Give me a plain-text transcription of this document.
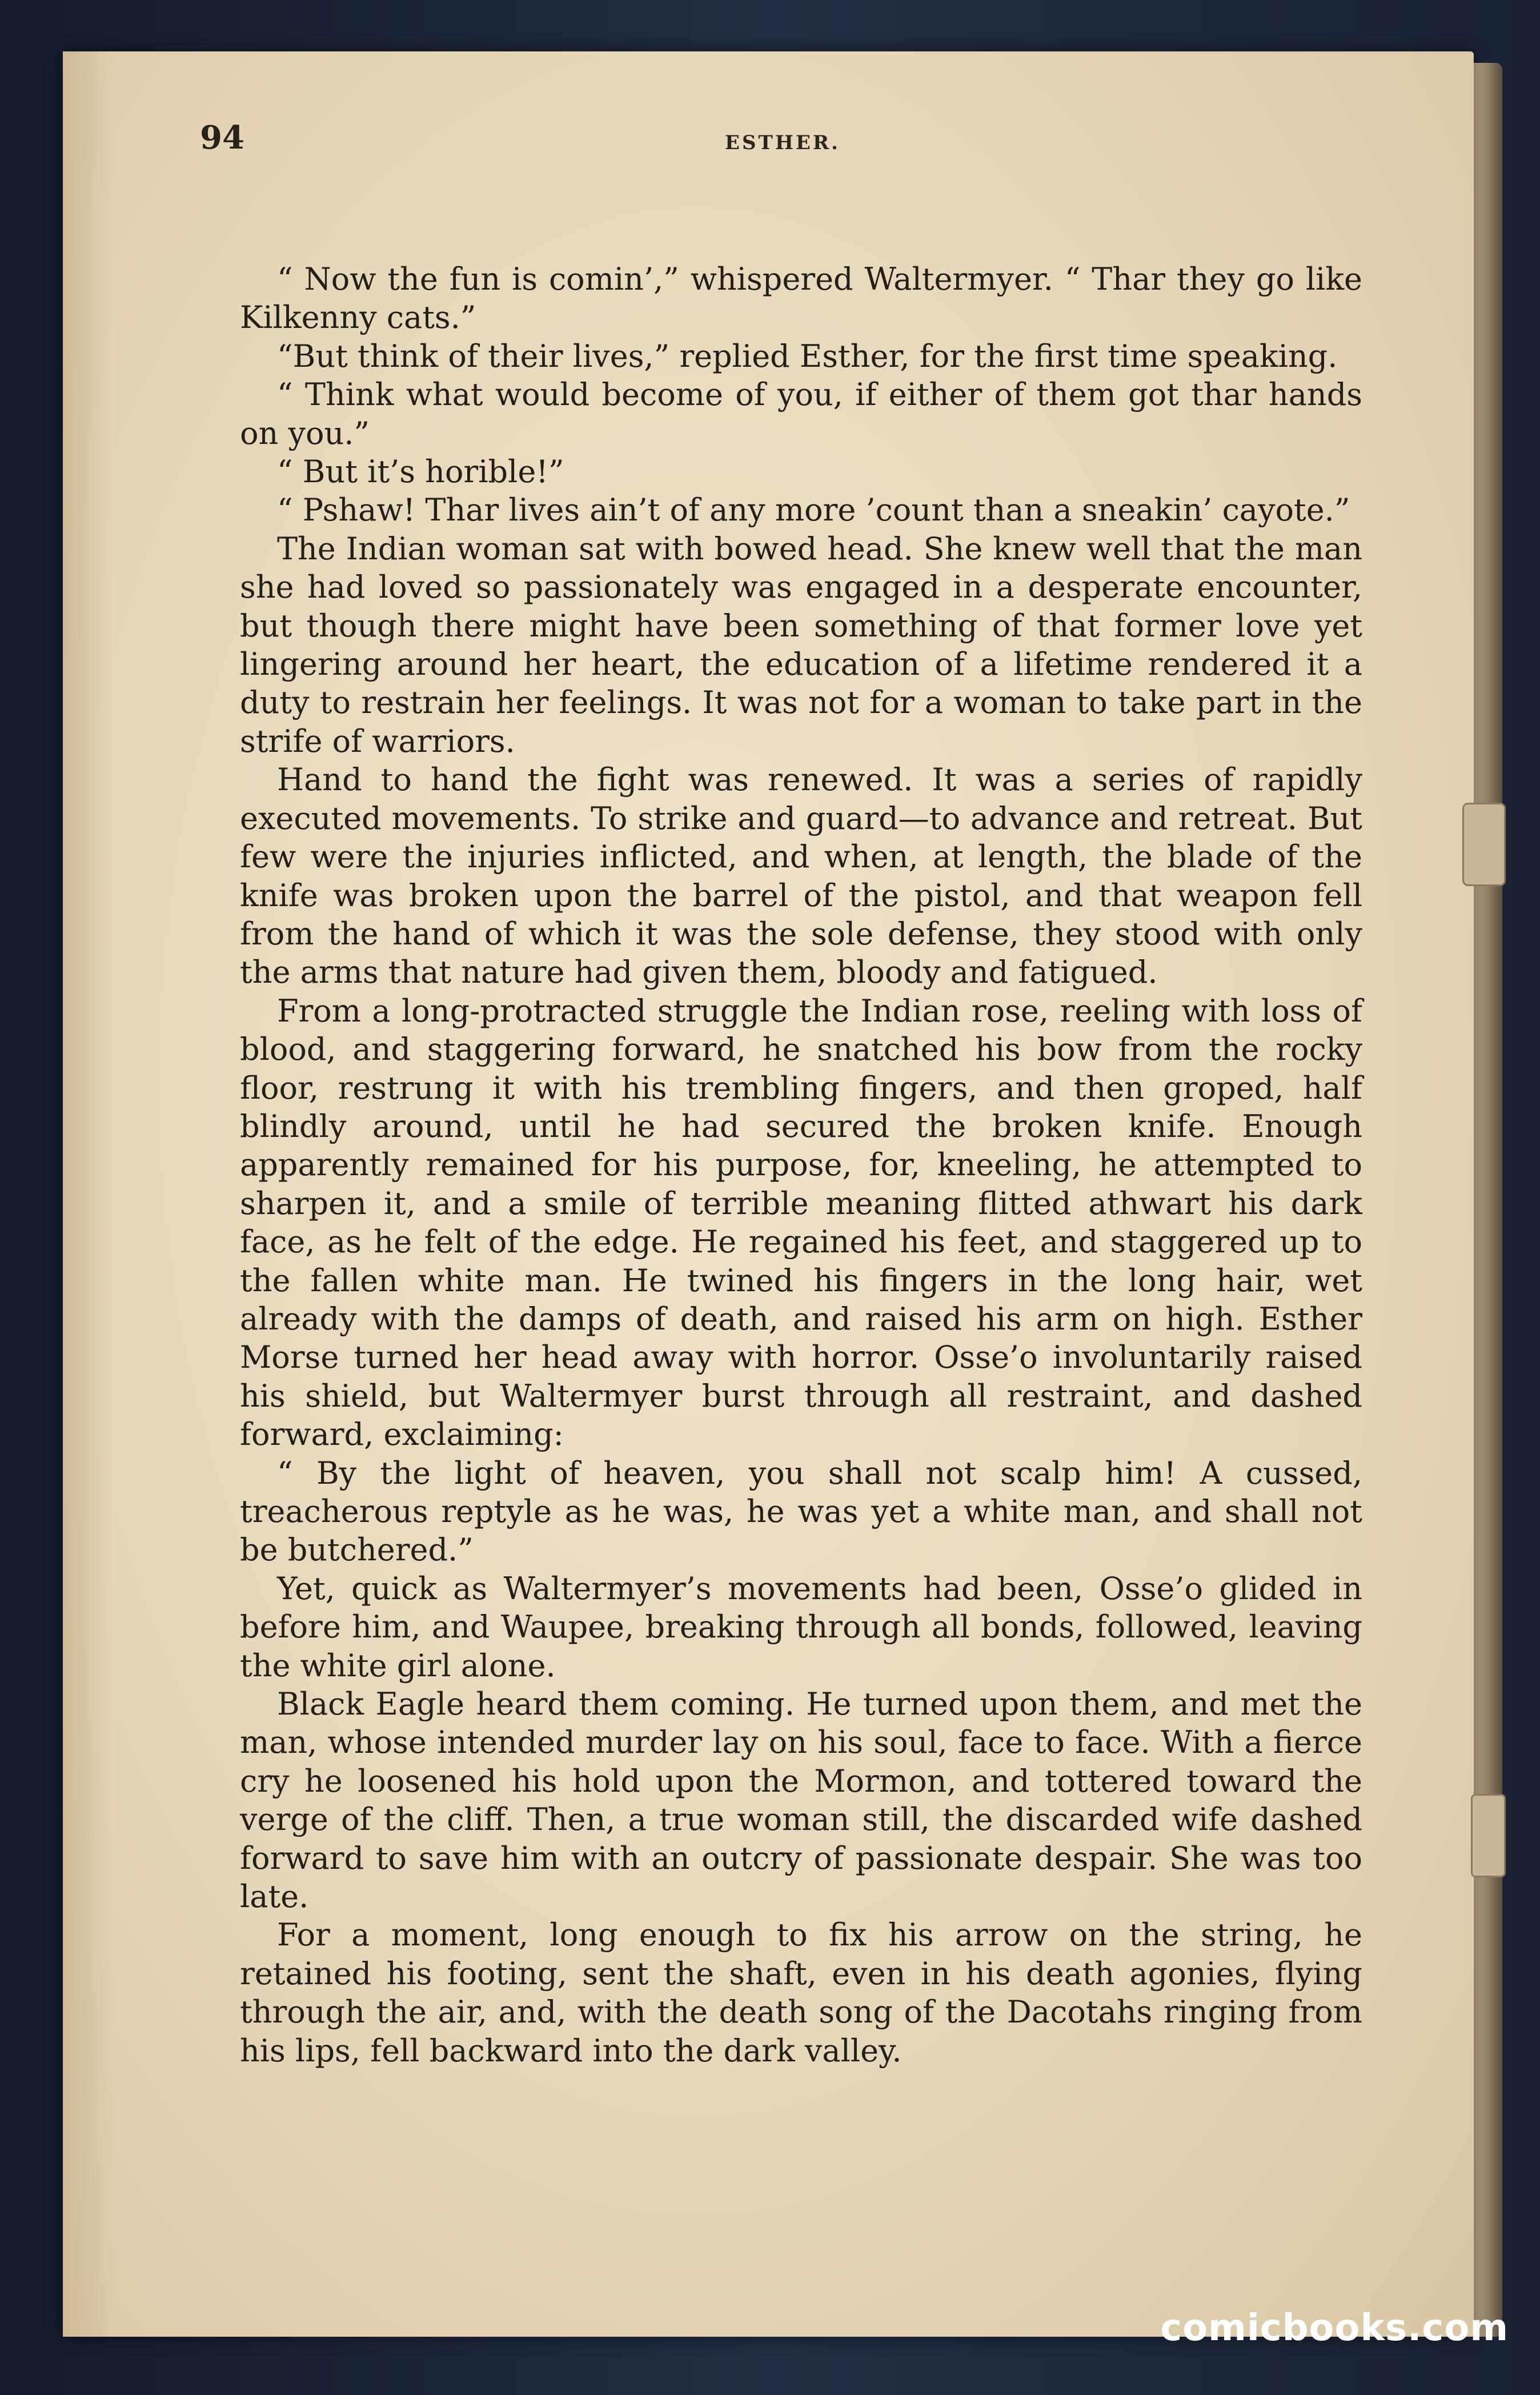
94	ESTHER.

“ Now the fun is comin’,” whispered Waltermyer. “ Thar they go like Kilkenny cats.”

“But think of their lives,” replied Esther, for the first time speaking.

“ Think what would become of you, if either of them got thar hands on you.”

“ But it’s horible!”

“ Pshaw! Thar lives ain’t of any more ’count than a sneakin’ cayote.”

The Indian woman sat with bowed head. She knew well that the man she had loved so passionately was engaged in a desperate encounter, but though there might have been something of that former love yet lingering around her heart, the education of a lifetime rendered it a duty to restrain her feelings. It was not for a woman to take part in the strife of warriors.

Hand to hand the fight was renewed. It was a series of rapidly executed movements. To strike and guard—to advance and retreat. But few were the injuries inflicted, and when, at length, the blade of the knife was broken upon the barrel of the pistol, and that weapon fell from the hand of which it was the sole defense, they stood with only the arms that nature had given them, bloody and fatigued.

From a long-protracted struggle the Indian rose, reeling with loss of blood, and staggering forward, he snatched his bow from the rocky floor, restrung it with his trembling fingers, and then groped, half blindly around, until he had secured the broken knife. Enough apparently remained for his purpose, for, kneeling, he attempted to sharpen it, and a smile of terrible meaning flitted athwart his dark face, as he felt of the edge. He regained his feet, and staggered up to the fallen white man. He twined his fingers in the long hair, wet already with the damps of death, and raised his arm on high. Esther Morse turned her head away with horror. Osse’o involuntarily raised his shield, but Waltermyer burst through all restraint, and dashed forward, exclaiming:

“ By the light of heaven, you shall not scalp him! A cussed, treacherous reptyle as he was, he was yet a white man, and shall not be butchered.”

Yet, quick as Waltermyer’s movements had been, Osse’o glided in before him, and Waupee, breaking through all bonds, followed, leaving the white girl alone.

Black Eagle heard them coming. He turned upon them, and met the man, whose intended murder lay on his soul, face to face. With a fierce cry he loosened his hold upon the Mormon, and tottered toward the verge of the cliff. Then, a true woman still, the discarded wife dashed forward to save him with an outcry of passionate despair. She was too late.

For a moment, long enough to fix his arrow on the string, he retained his footing, sent the shaft, even in his death agonies, flying through the air, and, with the death song of the Dacotahs ringing from his lips, fell backward into the dark valley.

comicbooks.com
